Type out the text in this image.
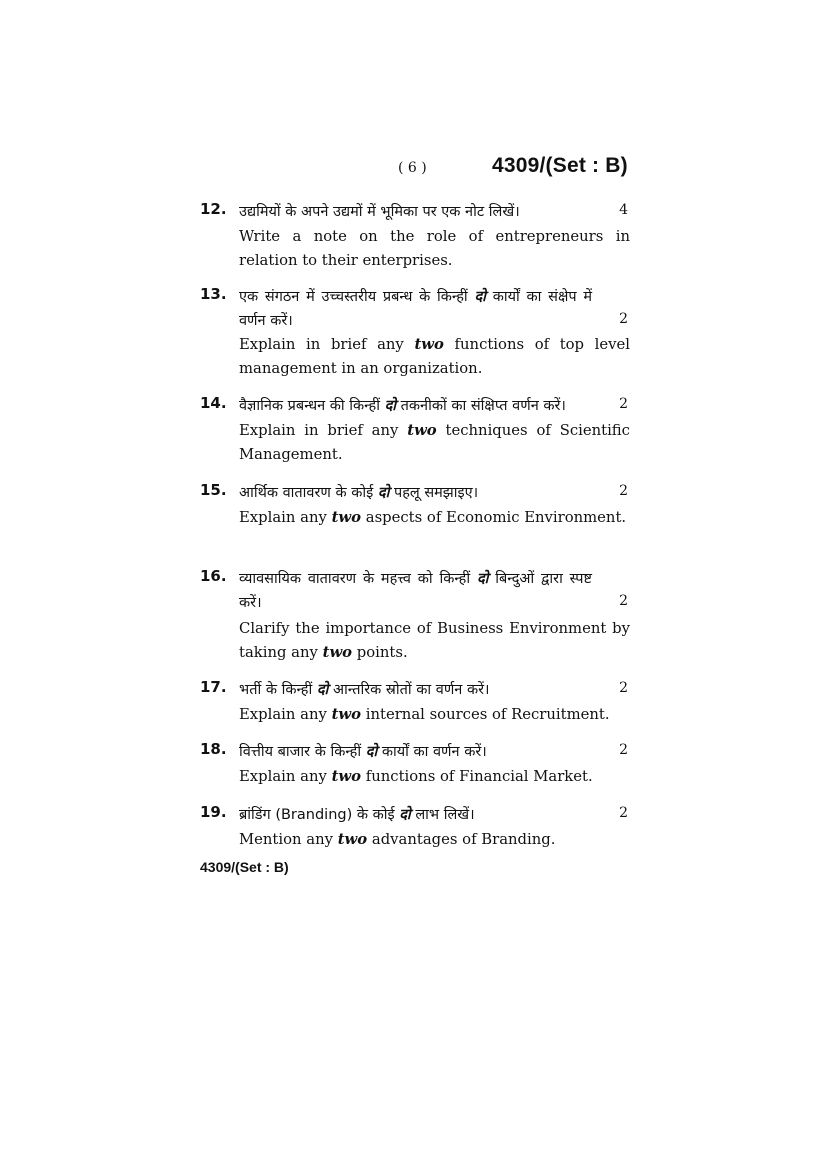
( 6 )	4309/(Set : B)
12. उद्यमियों के अपने उद्यमों में भूमिका पर एक नोट लिखें।	4
Write a note on the role of entrepreneurs in relation to their enterprises.
13. एक संगठन में उच्चस्तरीय प्रबन्ध के किन्हीं दो कार्यों का संक्षेप में वर्णन करें।	2
Explain in brief any two functions of top level management in an organization.
14. वैज्ञानिक प्रबन्धन की किन्हीं दो तकनीकों का संक्षिप्त वर्णन करें।	2
Explain in brief any two techniques of Scientific Management.
15. आर्थिक वातावरण के कोई दो पहलू समझाइए।	2
Explain any two aspects of Economic Environment.
16. व्यावसायिक वातावरण के महत्त्व को किन्हीं दो बिन्दुओं द्वारा स्पष्ट करें।	2
Clarify the importance of Business Environment by taking any two points.
17. भर्ती के किन्हीं दो आन्तरिक स्रोतों का वर्णन करें।	2
Explain any two internal sources of Recruitment.
18. वित्तीय बाजार के किन्हीं दो कार्यों का वर्णन करें।	2
Explain any two functions of Financial Market.
19. ब्रांडिंग (Branding) के कोई दो लाभ लिखें।	2
Mention any two advantages of Branding.
4309/(Set : B)
